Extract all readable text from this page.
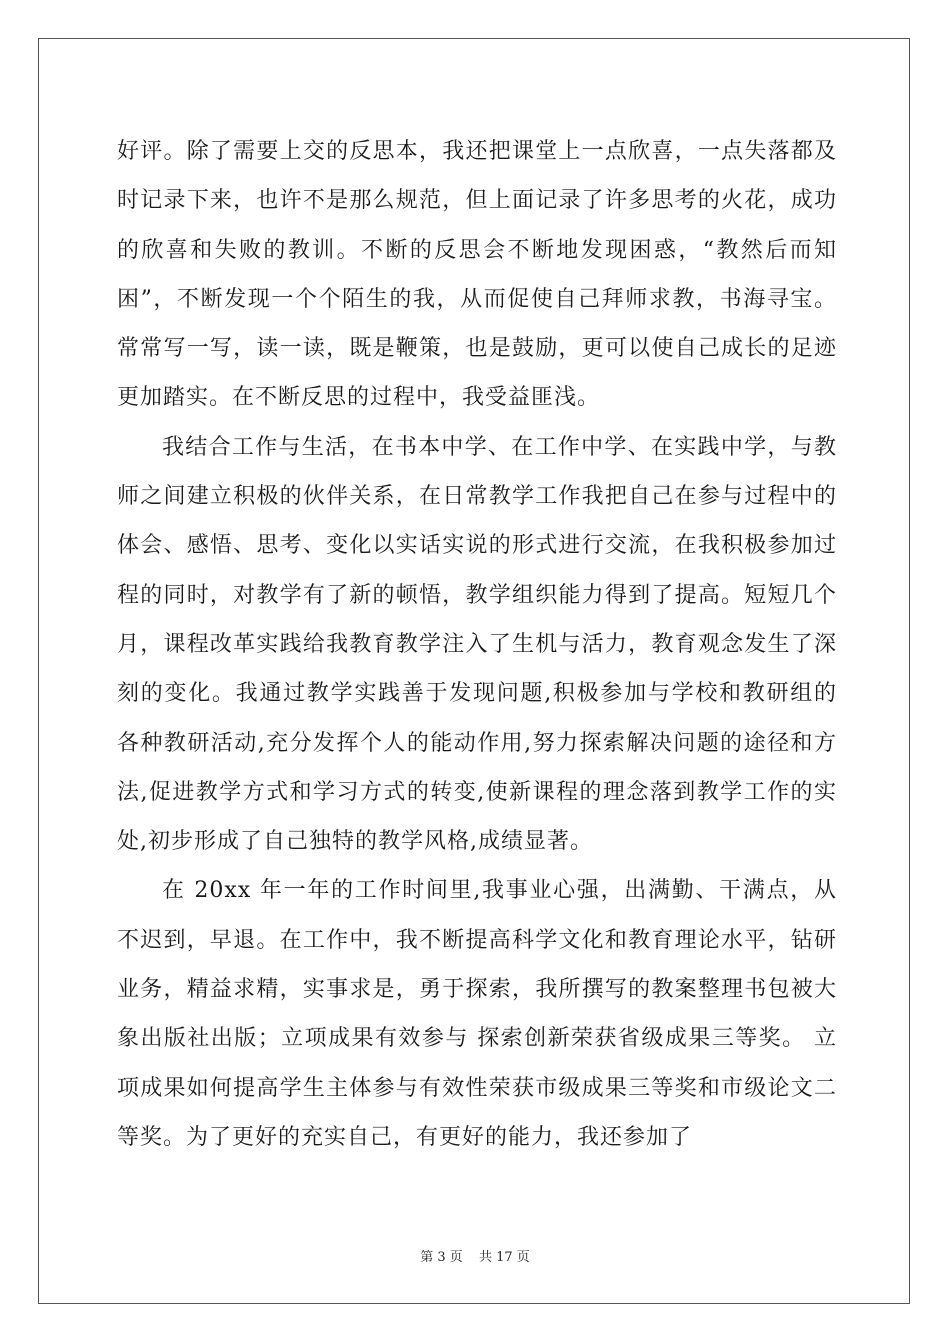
好评。除了需要上交的反思本，我还把课堂上一点欣喜，一点失落都及时记录下来，也许不是那么规范，但上面记录了许多思考的火花，成功的欣喜和失败的教训。不断的反思会不断地发现困惑，“教然后而知困”，不断发现一个个陌生的我，从而促使自己拜师求教，书海寻宝。常常写一写，读一读，既是鞭策，也是鼓励，更可以使自己成长的足迹更加踏实。在不断反思的过程中，我受益匪浅。

我结合工作与生活，在书本中学、在工作中学、在实践中学，与教师之间建立积极的伙伴关系，在日常教学工作我把自己在参与过程中的体会、感悟、思考、变化以实话实说的形式进行交流，在我积极参加过程的同时，对教学有了新的顿悟，教学组织能力得到了提高。短短几个月，课程改革实践给我教育教学注入了生机与活力，教育观念发生了深刻的变化。我通过教学实践善于发现问题,积极参加与学校和教研组的各种教研活动,充分发挥个人的能动作用,努力探索解决问题的途径和方法,促进教学方式和学习方式的转变,使新课程的理念落到教学工作的实处,初步形成了自己独特的教学风格,成绩显著。

在 20xx 年一年的工作时间里,我事业心强，出满勤、干满点，从不迟到，早退。在工作中，我不断提高科学文化和教育理论水平，钻研业务，精益求精，实事求是，勇于探索，我所撰写的教案整理书包被大象出版社出版；立项成果有效参与 探索创新荣获省级成果三等奖。 立项成果如何提高学生主体参与有效性荣获市级成果三等奖和市级论文二等奖。为了更好的充实自己，有更好的能力，我还参加了

第 3 页 共 17 页
